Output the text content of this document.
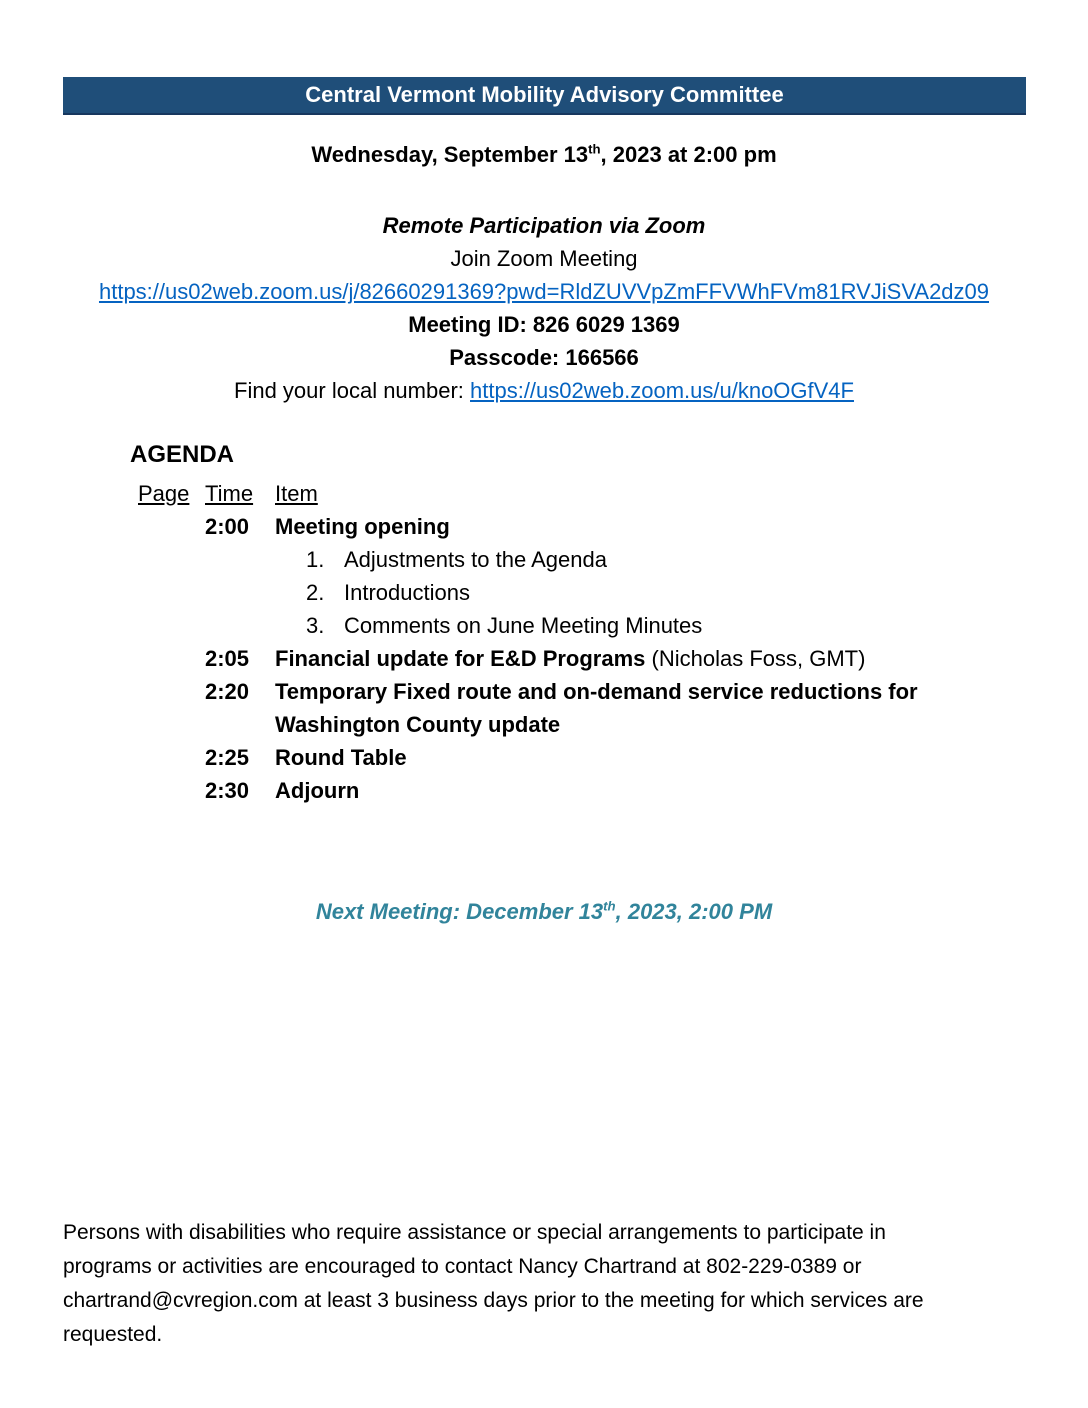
Central Vermont Mobility Advisory Committee
Wednesday, September 13th, 2023 at 2:00 pm
Remote Participation via Zoom
Join Zoom Meeting
https://us02web.zoom.us/j/82660291369?pwd=RldZUVVpZmFFVWhFVm81RVJiSVA2dz09
Meeting ID: 826 6029 1369
Passcode: 166566
Find your local number: https://us02web.zoom.us/u/knoOGfV4F
AGENDA
Page Time Item
2:00	Meeting opening
1. Adjustments to the Agenda
2. Introductions
3. Comments on June Meeting Minutes
2:05	Financial update for E&D Programs (Nicholas Foss, GMT)
2:20	Temporary Fixed route and on-demand service reductions for
Washington County update
2:25	Round Table
2:30	Adjourn
Next Meeting: December 13th, 2023, 2:00 PM
Persons with disabilities who require assistance or special arrangements to participate in
programs or activities are encouraged to contact Nancy Chartrand at 802-229-0389 or
chartrand@cvregion.com at least 3 business days prior to the meeting for which services are
requested.
